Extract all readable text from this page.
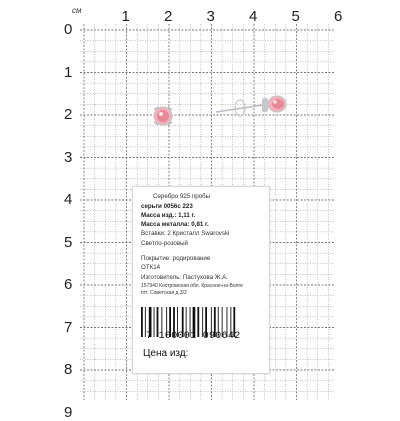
см	1 2 3 4 5 6
0
1
2
3
4
5
6
7
8
9
Серебро 925 пробы
серьги 0056с 223
Масса изд.: 1,11 г.
Масса металла: 0,81 г.
Вставки: 2 Кристалл Swarovski
Светло-розовый
Покрытие: родирование
ОТК14
Изготовитель: Пастухова Ж.А.
157940 Костромская обл. Красное-на-Волге
пгт. Советская д.3/2
7 100001 090642
Цена изд:
